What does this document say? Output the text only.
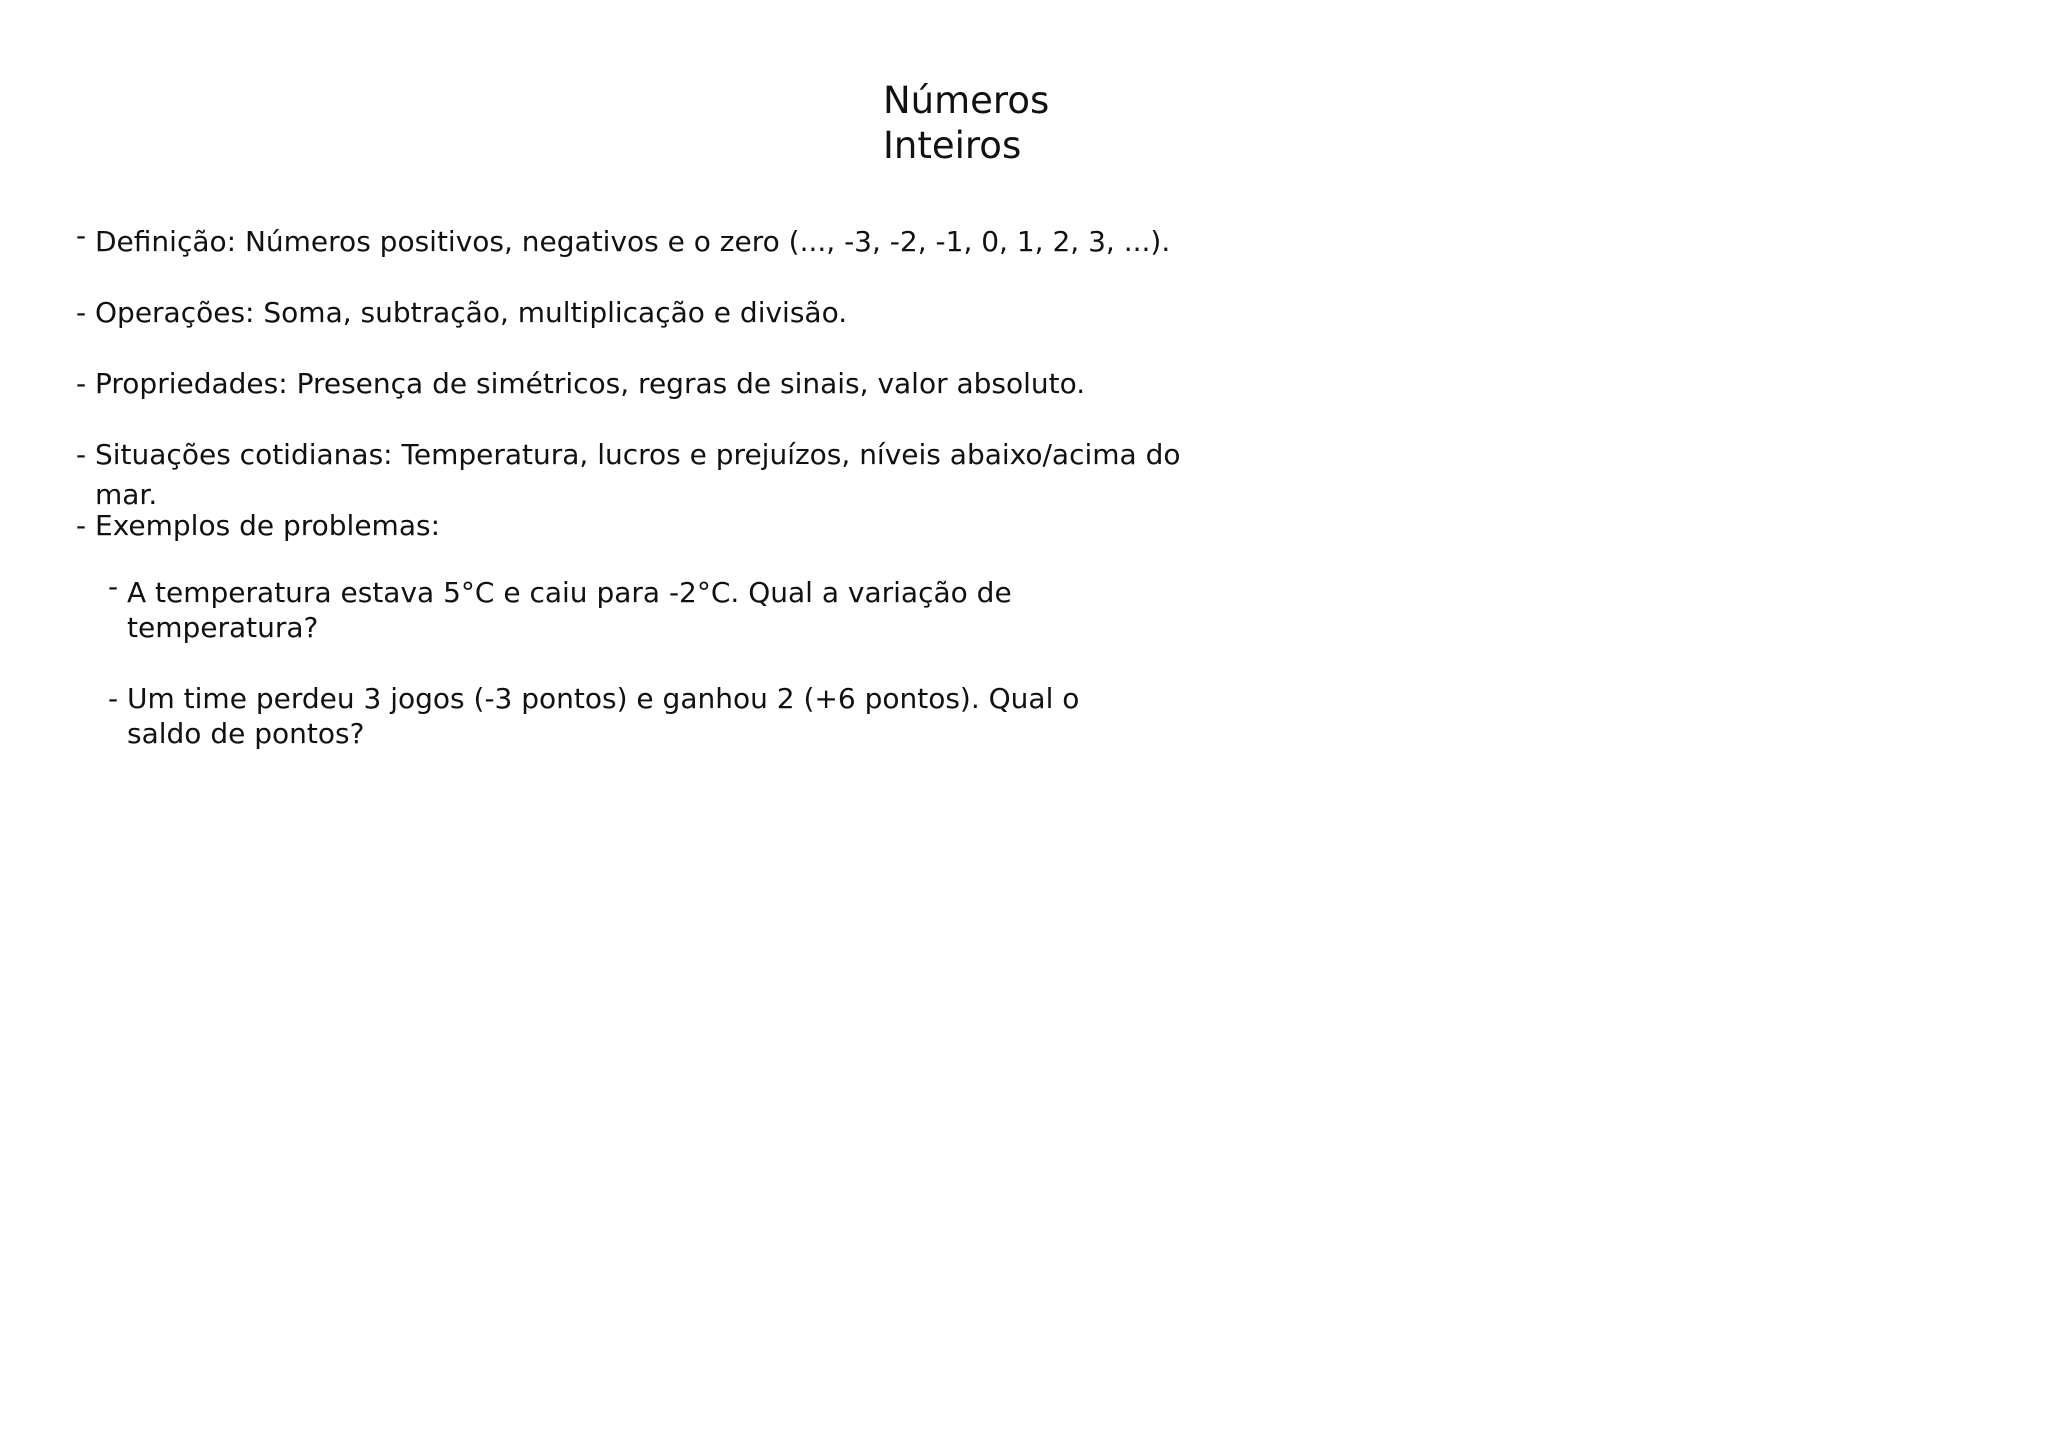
Números
Inteiros
- Definição: Números positivos, negativos e o zero (..., -3, -2, -1, 0, 1, 2, 3, ...).
- Operações: Soma, subtração, multiplicação e divisão.
- Propriedades: Presença de simétricos, regras de sinais, valor absoluto.
- Situações cotidianas: Temperatura, lucros e prejuízos, níveis abaixo/acima do mar.
- Exemplos de problemas:
- A temperatura estava 5°C e caiu para -2°C. Qual a variação de temperatura?
- Um time perdeu 3 jogos (-3 pontos) e ganhou 2 (+6 pontos). Qual o saldo de pontos?
